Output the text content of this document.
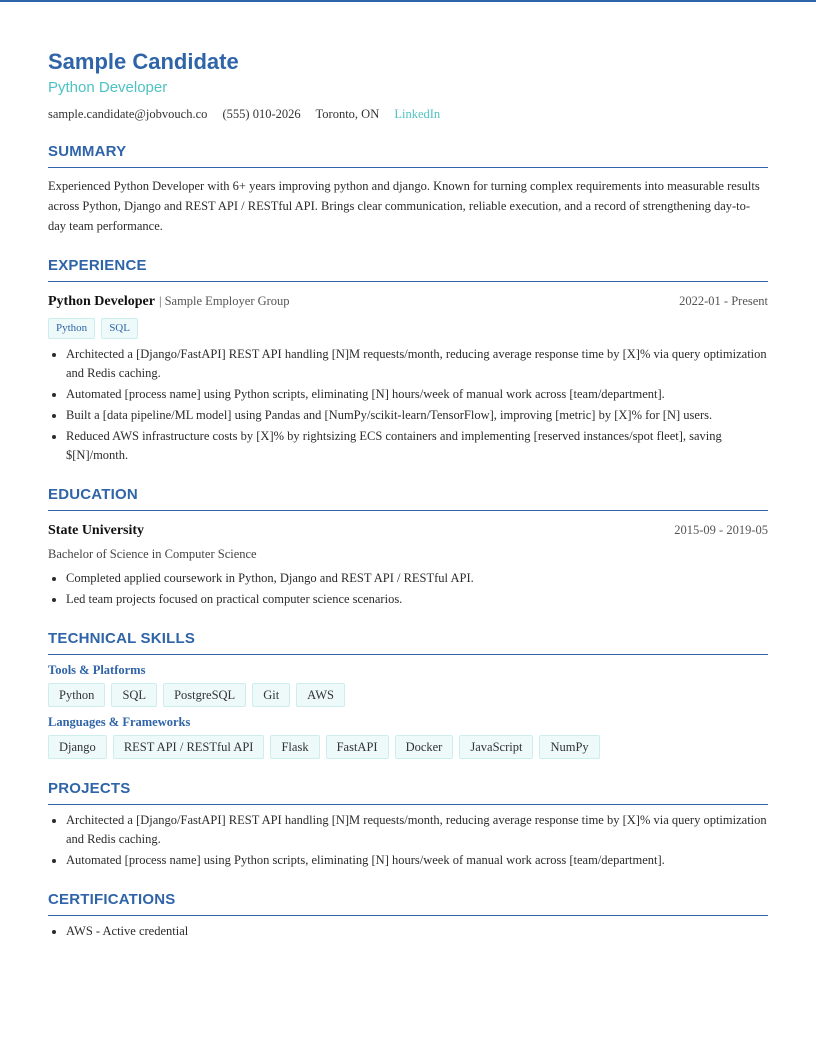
Sample Candidate
Python Developer
sample.candidate@jobvouch.co (555) 010-2026 Toronto, ON LinkedIn
SUMMARY
Experienced Python Developer with 6+ years improving python and django. Known for turning complex requirements into measurable results across Python, Django and REST API / RESTful API. Brings clear communication, reliable execution, and a record of strengthening day-to-day team performance.
EXPERIENCE
Python Developer | Sample Employer Group	2022-01 - Present
Python	SQL
• Architected a [Django/FastAPI] REST API handling [N]M requests/month, reducing average response time by [X]% via query optimization and Redis caching.
• Automated [process name] using Python scripts, eliminating [N] hours/week of manual work across [team/department].
• Built a [data pipeline/ML model] using Pandas and [NumPy/scikit-learn/TensorFlow], improving [metric] by [X]% for [N] users.
• Reduced AWS infrastructure costs by [X]% by rightsizing ECS containers and implementing [reserved instances/spot fleet], saving $[N]/month.
EDUCATION
State University	2015-09 - 2019-05
Bachelor of Science in Computer Science
• Completed applied coursework in Python, Django and REST API / RESTful API.
• Led team projects focused on practical computer science scenarios.
TECHNICAL SKILLS
Tools & Platforms
Python	SQL	PostgreSQL	Git	AWS
Languages & Frameworks
Django	REST API / RESTful API	Flask	FastAPI	Docker	JavaScript	NumPy
PROJECTS
• Architected a [Django/FastAPI] REST API handling [N]M requests/month, reducing average response time by [X]% via query optimization and Redis caching.
• Automated [process name] using Python scripts, eliminating [N] hours/week of manual work across [team/department].
CERTIFICATIONS
• AWS - Active credential
